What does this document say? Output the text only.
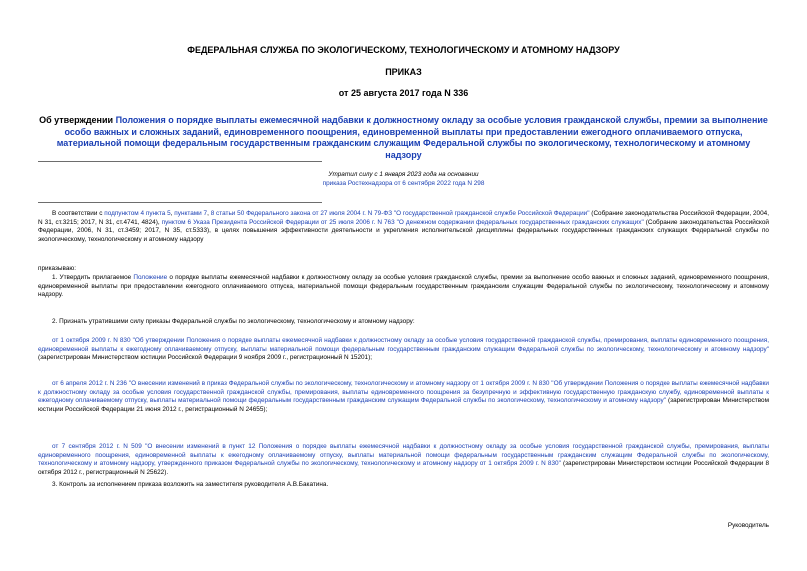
ФЕДЕРАЛЬНАЯ СЛУЖБА ПО ЭКОЛОГИЧЕСКОМУ, ТЕХНОЛОГИЧЕСКОМУ И АТОМНОМУ НАДЗОРУ
ПРИКАЗ
от 25 августа 2017 года N 336
Об утверждении Положения о порядке выплаты ежемесячной надбавки к должностному окладу за особые условия гражданской службы, премии за выполнение особо важных и сложных заданий, единовременного поощрения, единовременной выплаты при предоставлении ежегодного оплачиваемого отпуска, материальной помощи федеральным государственным гражданским служащим Федеральной службы по экологическому, технологическому и атомному надзору
Утратил силу с 1 января 2023 года на основании
приказа Ростехнадзора от 6 сентября 2022 года N 298
В соответствии с подпунктом 4 пункта 5, пунктами 7, 8 статьи 50 Федерального закона от 27 июля 2004 г. N 79-ФЗ "О государственной гражданской службе Российской Федерации" (Собрание законодательства Российской Федерации, 2004, N 31, ст.3215; 2017, N 31, ст.4741, 4824), пунктом 6 Указа Президента Российской Федерации от 25 июля 2006 г. N 763 "О денежном содержании федеральных государственных гражданских служащих" (Собрание законодательства Российской Федерации, 2006, N 31, ст.3459; 2017, N 35, ст.5333), в целях повышения эффективности деятельности и укрепления исполнительской дисциплины федеральных государственных гражданских служащих Федеральной службы по экологическому, технологическому и атомному надзору
приказываю:
1. Утвердить прилагаемое Положение о порядке выплаты ежемесячной надбавки к должностному окладу за особые условия гражданской службы, премии за выполнение особо важных и сложных заданий, единовременного поощрения, единовременной выплаты при предоставлении ежегодного оплачиваемого отпуска, материальной помощи федеральным государственным гражданским служащим Федеральной службы по экологическому, технологическому и атомному надзору.
2. Признать утратившими силу приказы Федеральной службы по экологическому, технологическому и атомному надзору:
от 1 октября 2009 г. N 830 "Об утверждении Положения о порядке выплаты ежемесячной надбавки к должностному окладу за особые условия государственной гражданской службы, премирования, выплаты единовременного поощрения, единовременной выплаты к ежегодному оплачиваемому отпуску, выплаты материальной помощи федеральным государственным гражданским служащим Федеральной службы по экологическому, технологическому и атомному надзору" (зарегистрирован Министерством юстиции Российской Федерации 9 ноября 2009 г., регистрационный N 15201);
от 6 апреля 2012 г. N 236 "О внесении изменений в приказ Федеральной службы по экологическому, технологическому и атомному надзору от 1 октября 2009 г. N 830 "Об утверждении Положения о порядке выплаты ежемесячной надбавки к должностному окладу за особые условия государственной гражданской службы, премирования, выплаты единовременного поощрения за безупречную и эффективную государственную гражданскую службу, единовременной выплаты к ежегодному оплачиваемому отпуску, выплаты материальной помощи федеральным государственным гражданским служащим Федеральной службы по экологическому, технологическому и атомному надзору" (зарегистрирован Министерством юстиции Российской Федерации 21 июня 2012 г., регистрационный N 24655);
от 7 сентября 2012 г. N 509 "О внесении изменений в пункт 12 Положения о порядке выплаты ежемесячной надбавки к должностному окладу за особые условия государственной гражданской службы, премирования, выплаты единовременного поощрения, единовременной выплаты к ежегодному оплачиваемому отпуску, выплаты материальной помощи федеральным государственным гражданским служащим Федеральной службы по экологическому, технологическому и атомному надзору, утвержденного приказом Федеральной службы по экологическому, технологическому и атомному надзору от 1 октября 2009 г. N 830" (зарегистрирован Министерством юстиции Российской Федерации 8 октября 2012 г., регистрационный N 25622).
3. Контроль за исполнением приказа возложить на заместителя руководителя А.В.Бакатина.
Руководитель
